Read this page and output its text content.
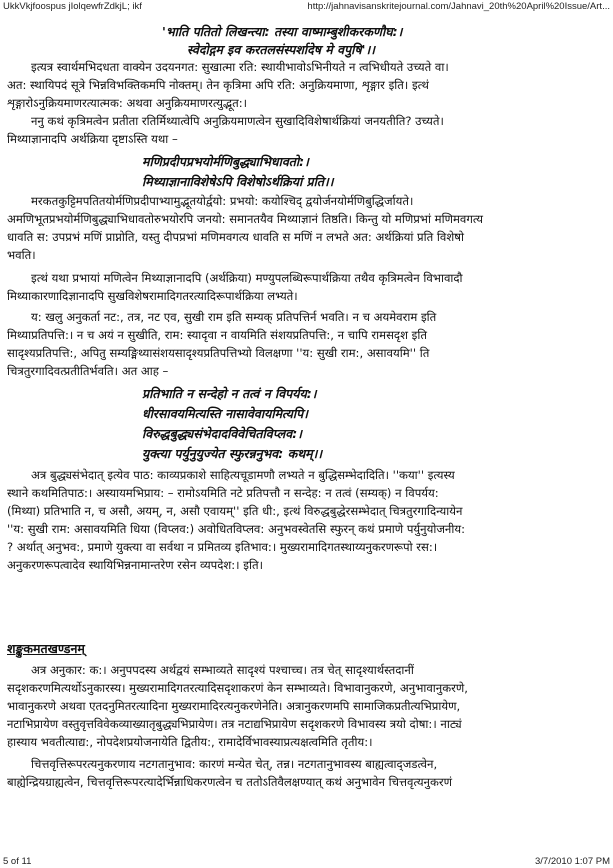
UkkVkjfoospus jIolqewfrZdkjL; ikf	http://jahnavisanskritejournal.com/Jahnavi_20th%20April%20Issue/Art...
'भाति पतितो लिखन्त्या: तस्या वाष्माम्बुशीकरकणौघ:।
स्वेदोद्गम इव करतलसंस्पर्शादेष मे वपुषि'।।
इत्यत्र स्वार्थमभिदधता वाक्येन उदयनगत: सुखात्मा रति: स्थायीभावोऽभिनीयते न त्वभिधीयते उच्यते वा।
अत: स्थायिपदं सूत्रे भिन्नविभक्तिकमपि नोक्तम्। तेन कृत्रिमा अपि रति: अनुक्रियमाणा, शृङ्गार इति। इत्थं
शृङ्गारोऽनुक्रियमाणरत्यात्मक: अथवा अनुक्रियमाणरत्युद्भूत:।
ननु कथं कृत्रिमत्वेन प्रतीता रतिर्मिथ्यात्वेपि अनुक्रियमाणत्वेन सुखादिविशेषार्थक्रियां जनयतीति? उच्यते।
मिथ्याज्ञानादपि अर्थक्रिया दृष्टाऽस्ति यथा –
मणिप्रदीपप्रभयोर्मणिबुद्ध्याभिधावतो:।
मिथ्याज्ञानाविशेषेऽपि विशेषोऽर्थक्रियां प्रति।।
मरकतकुट्टिमपतितयोर्मणिप्रदीपाभ्यामुद्भूतयोर्द्वयो: प्रभयो: कयोश्चिद् द्वयोर्जनयोर्मणिबुद्धिर्जायते।
अमणिभूतप्रभयोर्मणिबुद्ध्याभिधावतोरुभयोरपि जनयो: समानतयैव मिथ्याज्ञानं तिष्ठति। किन्तु यो मणिप्रभां मणिमवगत्य
धावति स: उपप्रभं मणिं प्राप्नोति, यस्तु दीपप्रभां मणिमवगत्य धावति स मणिं न लभते अत: अर्थक्रियां प्रति विशेषो
भवति।
इत्थं यथा प्रभायां मणित्वेन मिथ्याज्ञानादपि (अर्थक्रिया) मण्युपलब्धिरूपार्थक्रिया तथैव कृत्रिमत्वेन विभावादौ
मिथ्याकारणादिज्ञानादपि सुखविशेषरामादिगतरत्यादिरूपार्थक्रिया लभ्यते।
य: खलु अनुकर्ता नट:, तत्र, नट एव, सुखी राम इति सम्यक् प्रतिपत्तिर्न भवति। न च अयमेवराम इति
मिथ्याप्रतिपत्ति:। न च अयं न सुखीति, राम: स्यादृवा न वायमिति संशयप्रतिपत्ति:, न चापि रामसदृश इति
सादृश्यप्रतिपत्ति:, अपितु सम्यङ्मिथ्यासंशयसादृश्यप्रतिपत्तिभ्यो विलक्षणा ''य: सुखी राम:, असावयमि'' ति
चित्रतुरगादिवत्प्रतीतिर्भवति। अत आह –
प्रतिभाति न सन्देहो न तत्वं न विपर्यय:।
धीरसावयमित्यस्ति नासावेवायमित्यपि।
विरुद्धबुद्ध्यसंभेदादविवेचितविप्लव:।
युक्त्या पर्युनुयुज्येत स्फुरन्ननुभव: कथम्।।
अत्र बुद्ध्यसंभेदात् इत्येव पाठ: काव्यप्रकाशे साहित्यचूडामणौ लभ्यते न बुद्धिसम्भेदादिति। ''कया'' इत्यस्य
स्थाने कथमितिपाठ:। अस्यायमभिप्राय: – रामोऽयमिति नटे प्रतिपत्तौ न सन्देह: न तत्वं (सम्यक्) न विपर्यय:
(मिथ्या) प्रतिभाति न, च असौ, अयम्, न, असौ एवायम्'' इति धी:, इत्थं विरुद्धबुद्धेरसम्भेदात् चित्रतुरगादिन्यायेन
''य: सुखी राम: असावयमिति धिया (विप्लव:) अवोधितविप्लव: अनुभवस्वेतसि स्फुरन् कथं प्रमाणे पर्युनुयोजनीय:
? अर्थात् अनुभव:, प्रमाणे युक्त्या वा सर्वथा न प्रमितव्य इतिभाव:। मुख्यरामादिगतस्थाय्यनुकरणरूपो रस:।
अनुकरणरूपत्वादेव स्थायिभिन्ननामान्तरेण रसेन व्यपदेश:। इति।
शङ्कुकमतखण्डनम्
अत्र अनुकार: क:। अनुपपदस्य अर्थद्वयं सम्भाव्यते सादृश्यं पश्चाच्च। तत्र चेत् सादृश्यार्थस्तदानीं
सदृशकरणमित्यर्थोऽनुकारस्य। मुख्यरामादिगतरत्यादिसदृशाकरणं केन सम्भाव्यते। विभावानुकरणे, अनुभावानुकरणे,
भावानुकरणे अथवा एतदनुमितरत्यादिना मुख्यरामादिरत्यनुकरणेनेति। अत्रानुकरणमपि सामाजिकप्रतीत्यभिप्रायेण,
नटाभिप्रायेण वस्तुवृत्तविवेकव्याख्यातृबुद्ध्यभिप्रायेण। तत्र नटाद्यभिप्रायेण सदृशकरणे विभावस्य त्रयो दोषा:। नाट्यं
हास्याय भवतीत्याद्य:, नोपदेशप्रयोजनायेति द्वितीय:, रामादेर्विभावस्याप्रत्यक्षत्वमिति तृतीय:।
चित्तवृत्तिरूपरत्यनुकरणाय नटगतानुभाव: कारणं मन्येत चेत्, तन्न। नटगतानुभावस्य बाह्यत्वाद्जडत्वेन,
बाह्येन्द्रियग्राह्यत्वेन, चित्तवृत्तिरूपरत्यादेर्भिन्नाधिकरणत्वेन च ततोऽतिवैलक्षण्यात् कथं अनुभावेन चित्तवृत्यनुकरणं
5 of 11	3/7/2010 1:07 PM
